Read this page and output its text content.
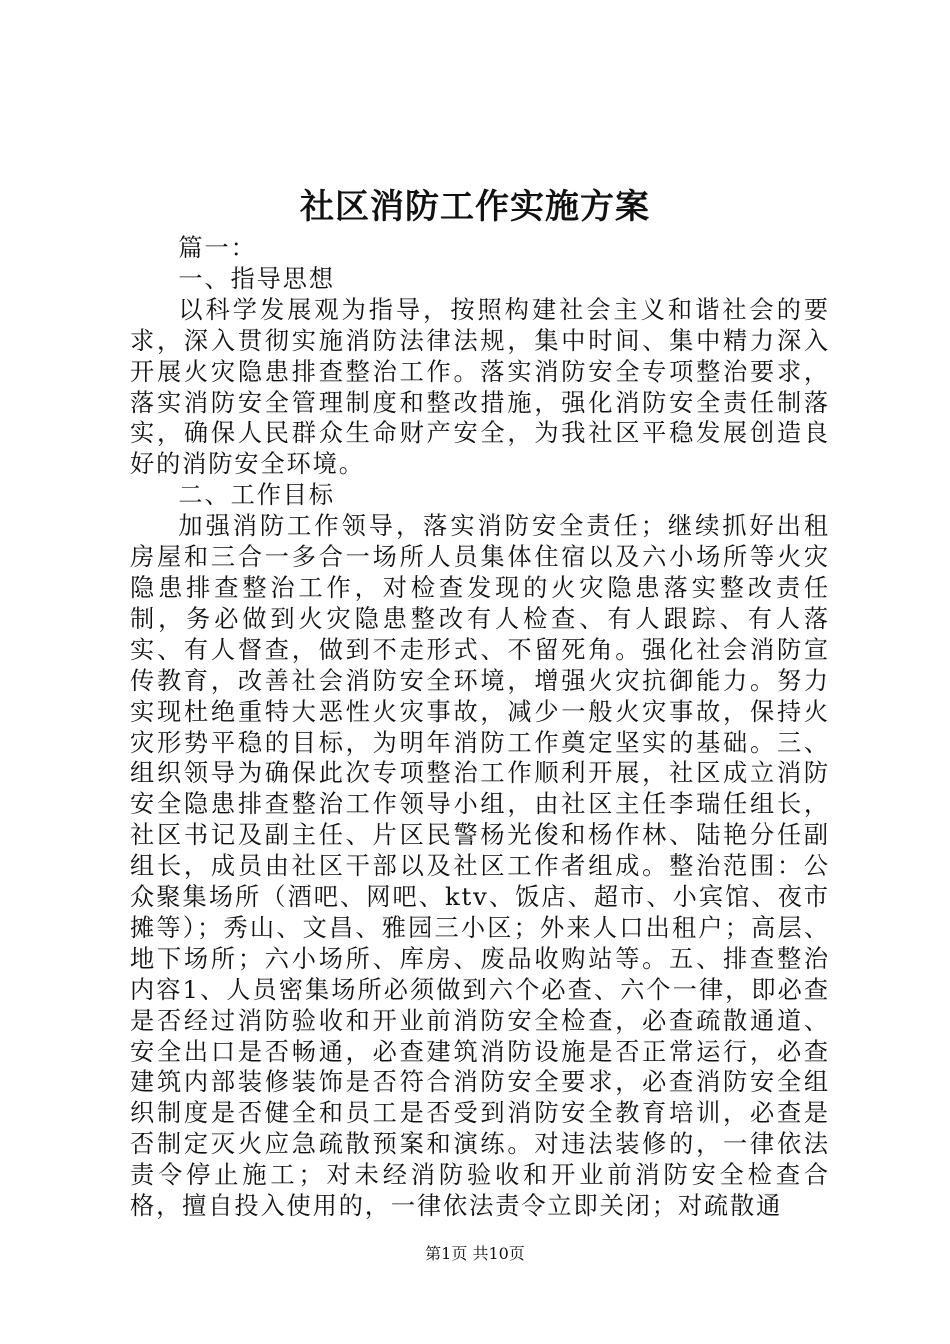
社区消防工作实施方案

篇一：

一、指导思想

以科学发展观为指导，按照构建社会主义和谐社会的要求，深入贯彻实施消防法律法规，集中时间、集中精力深入开展火灾隐患排查整治工作。落实消防安全专项整治要求，落实消防安全管理制度和整改措施，强化消防安全责任制落实，确保人民群众生命财产安全，为我社区平稳发展创造良好的消防安全环境。

二、工作目标

加强消防工作领导，落实消防安全责任；继续抓好出租房屋和三合一多合一场所人员集体住宿以及六小场所等火灾隐患排查整治工作，对检查发现的火灾隐患落实整改责任制，务必做到火灾隐患整改有人检查、有人跟踪、有人落实、有人督查，做到不走形式、不留死角。强化社会消防宣传教育，改善社会消防安全环境，增强火灾抗御能力。努力实现杜绝重特大恶性火灾事故，减少一般火灾事故，保持火灾形势平稳的目标，为明年消防工作奠定坚实的基础。三、组织领导为确保此次专项整治工作顺利开展，社区成立消防安全隐患排查整治工作领导小组，由社区主任李瑞任组长，社区书记及副主任、片区民警杨光俊和杨作林、陆艳分任副组长，成员由社区干部以及社区工作者组成。整治范围：公众聚集场所（酒吧、网吧、ktv、饭店、超市、小宾馆、夜市摊等）；秀山、文昌、雅园三小区；外来人口出租户；高层、地下场所；六小场所、库房、废品收购站等。五、排查整治内容1、人员密集场所必须做到六个必查、六个一律，即必查是否经过消防验收和开业前消防安全检查，必查疏散通道、安全出口是否畅通，必查建筑消防设施是否正常运行，必查建筑内部装修装饰是否符合消防安全要求，必查消防安全组织制度是否健全和员工是否受到消防安全教育培训，必查是否制定灭火应急疏散预案和演练。对违法装修的，一律依法责令停止施工；对未经消防验收和开业前消防安全检查合格，擅自投入使用的，一律依法责令立即关闭；对疏散通

第1页 共10页
